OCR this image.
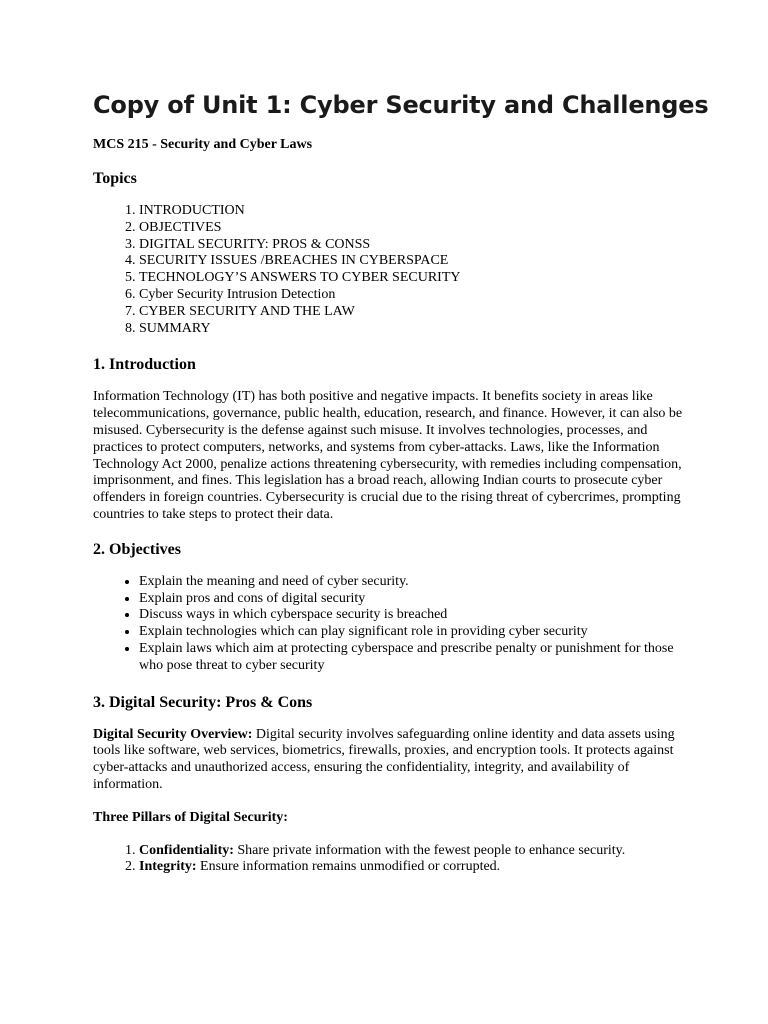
Copy of Unit 1: Cyber Security and Challenges
MCS 215 - Security and Cyber Laws
Topics
1. INTRODUCTION
2. OBJECTIVES
3. DIGITAL SECURITY: PROS & CONSS
4. SECURITY ISSUES /BREACHES IN CYBERSPACE
5. TECHNOLOGY’S ANSWERS TO CYBER SECURITY
6. Cyber Security Intrusion Detection
7. CYBER SECURITY AND THE LAW
8. SUMMARY
1. Introduction
Information Technology (IT) has both positive and negative impacts. It benefits society in areas like telecommunications, governance, public health, education, research, and finance. However, it can also be misused. Cybersecurity is the defense against such misuse. It involves technologies, processes, and practices to protect computers, networks, and systems from cyber-attacks. Laws, like the Information Technology Act 2000, penalize actions threatening cybersecurity, with remedies including compensation, imprisonment, and fines. This legislation has a broad reach, allowing Indian courts to prosecute cyber offenders in foreign countries. Cybersecurity is crucial due to the rising threat of cybercrimes, prompting countries to take steps to protect their data.
2. Objectives
• Explain the meaning and need of cyber security.
• Explain pros and cons of digital security
• Discuss ways in which cyberspace security is breached
• Explain technologies which can play significant role in providing cyber security
• Explain laws which aim at protecting cyberspace and prescribe penalty or punishment for those who pose threat to cyber security
3. Digital Security: Pros & Cons
Digital Security Overview: Digital security involves safeguarding online identity and data assets using tools like software, web services, biometrics, firewalls, proxies, and encryption tools. It protects against cyber-attacks and unauthorized access, ensuring the confidentiality, integrity, and availability of information.
Three Pillars of Digital Security:
1. Confidentiality: Share private information with the fewest people to enhance security.
2. Integrity: Ensure information remains unmodified or corrupted.
